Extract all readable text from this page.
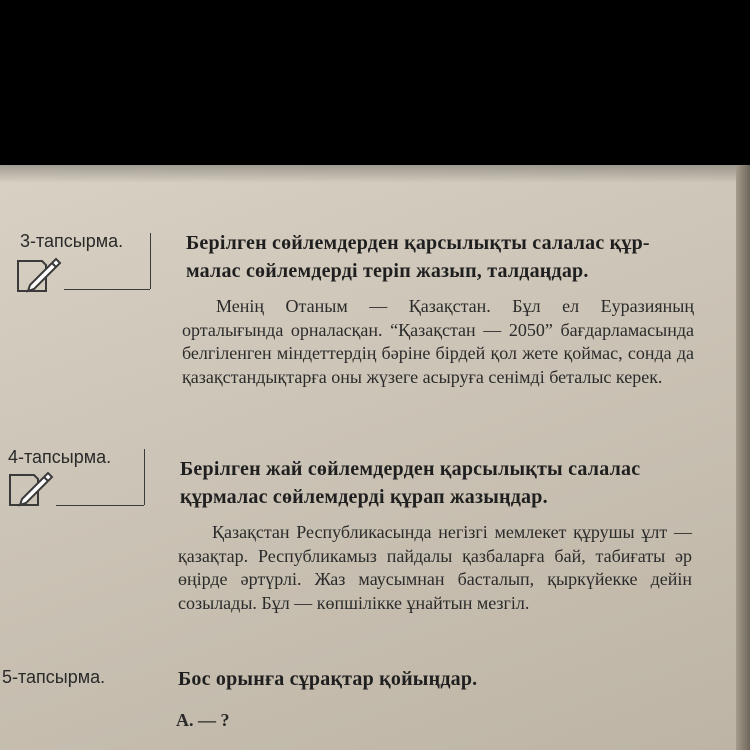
3-тапсырма.	Берілген сөйлемдерден қарсылықты салалас құр-
малас сөйлемдерді теріп жазып, талдаңдар.

Менің Отаным — Қазақстан. Бұл ел Еуразияның орталығында орналасқан. “Қазақстан — 2050” бағдарламасында белгіленген міндеттердің бәріне бірдей қол жете қоймас, сонда да қазақстандықтарға оны жүзеге асыруға сенімді беталыс керек.

4-тапсырма.
Берілген жай сөйлемдерден қарсылықты салалас
құрмалас сөйлемдерді құрап жазыңдар.

Қазақстан Республикасында негізгі мемлекет құрушы ұлт — қазақтар. Республикамыз пайдалы қазбаларға бай, табиғаты әр өңірде әртүрлі. Жаз маусымнан басталып, қыркүйекке дейін созылады. Бұл — көпшілікке ұнайтын мезгіл.

5-тапсырма.	Бос орынға сұрақтар қойыңдар.
А. — ?
